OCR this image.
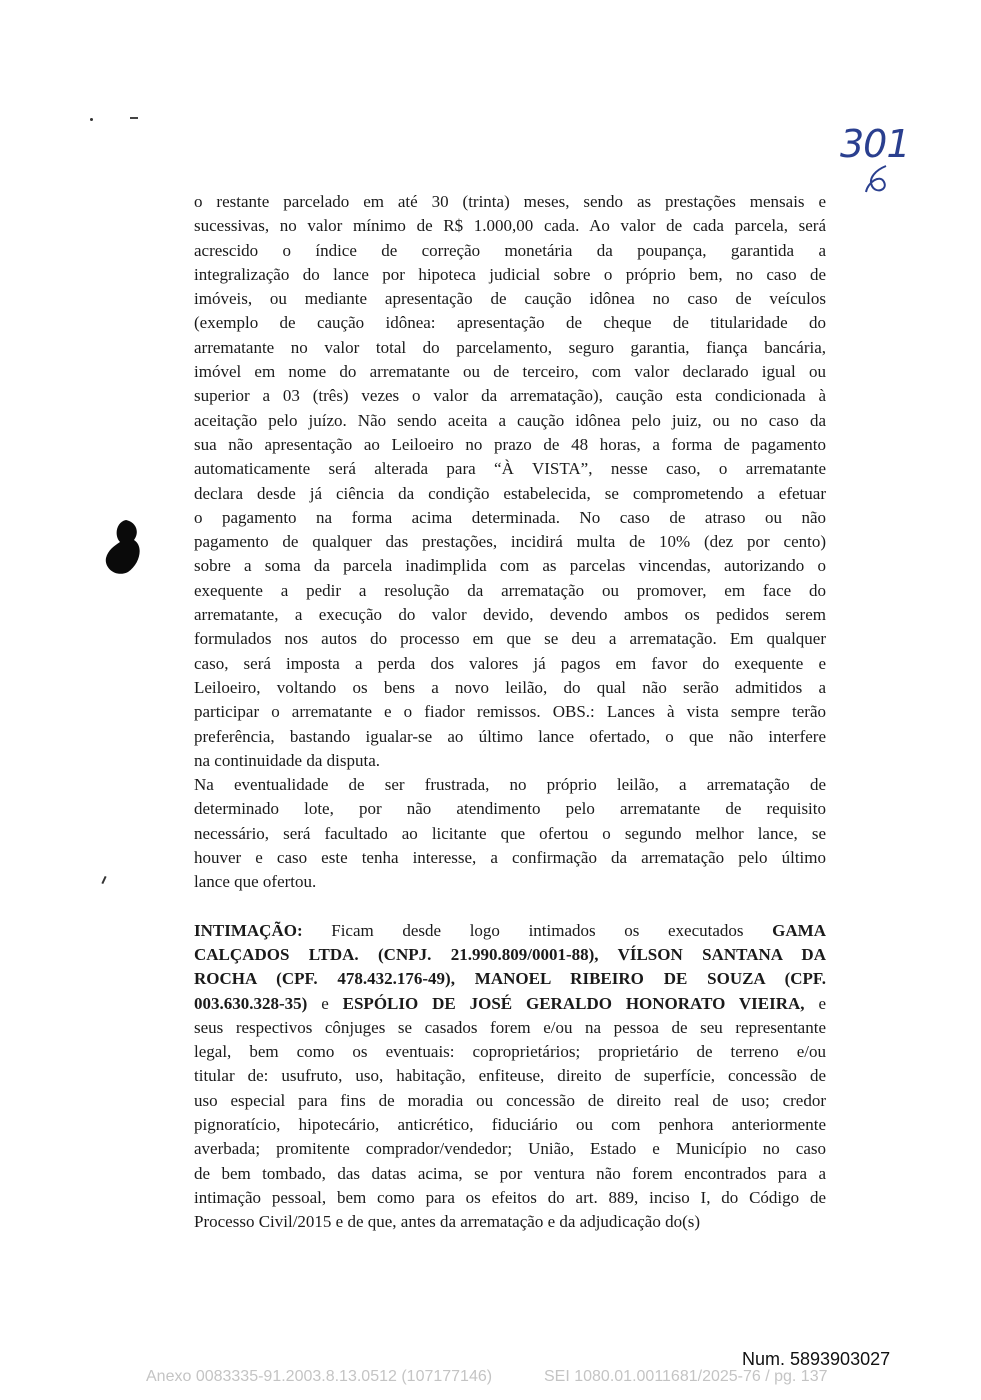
301

o restante parcelado em até 30 (trinta) meses, sendo as prestações mensais e
sucessivas, no valor mínimo de R$ 1.000,00 cada. Ao valor de cada parcela, será
acrescido o índice de correção monetária da poupança, garantida a
integralização do lance por hipoteca judicial sobre o próprio bem, no caso de
imóveis, ou mediante apresentação de caução idônea no caso de veículos
(exemplo de caução idônea: apresentação de cheque de titularidade do
arrematante no valor total do parcelamento, seguro garantia, fiança bancária,
imóvel em nome do arrematante ou de terceiro, com valor declarado igual ou
superior a 03 (três) vezes o valor da arrematação), caução esta condicionada à
aceitação pelo juízo. Não sendo aceita a caução idônea pelo juiz, ou no caso da
sua não apresentação ao Leiloeiro no prazo de 48 horas, a forma de pagamento
automaticamente será alterada para “À VISTA”, nesse caso, o arrematante
declara desde já ciência da condição estabelecida, se comprometendo a efetuar
o pagamento na forma acima determinada. No caso de atraso ou não
pagamento de qualquer das prestações, incidirá multa de 10% (dez por cento)
sobre a soma da parcela inadimplida com as parcelas vincendas, autorizando o
exequente a pedir a resolução da arrematação ou promover, em face do
arrematante, a execução do valor devido, devendo ambos os pedidos serem
formulados nos autos do processo em que se deu a arrematação. Em qualquer
caso, será imposta a perda dos valores já pagos em favor do exequente e
Leiloeiro, voltando os bens a novo leilão, do qual não serão admitidos a
participar o arrematante e o fiador remissos. OBS.: Lances à vista sempre terão
preferência, bastando igualar-se ao último lance ofertado, o que não interfere
na continuidade da disputa.

Na eventualidade de ser frustrada, no próprio leilão, a arrematação de
determinado lote, por não atendimento pelo arrematante de requisito
necessário, será facultado ao licitante que ofertou o segundo melhor lance, se
houver e caso este tenha interesse, a confirmação da arrematação pelo último
lance que ofertou.

INTIMAÇÃO: Ficam desde logo intimados os executados GAMA
CALÇADOS LTDA. (CNPJ. 21.990.809/0001-88), VÍLSON SANTANA DA
ROCHA (CPF. 478.432.176-49), MANOEL RIBEIRO DE SOUZA (CPF.
003.630.328-35) e ESPÓLIO DE JOSÉ GERALDO HONORATO VIEIRA, e
seus respectivos cônjuges se casados forem e/ou na pessoa de seu representante
legal, bem como os eventuais: coproprietários; proprietário de terreno e/ou
titular de: usufruto, uso, habitação, enfiteuse, direito de superfície, concessão de
uso especial para fins de moradia ou concessão de direito real de uso; credor
pignoratício, hipotecário, anticrético, fiduciário ou com penhora anteriormente
averbada; promitente comprador/vendedor; União, Estado e Município no caso
de bem tombado, das datas acima, se por ventura não forem encontrados para a
intimação pessoal, bem como para os efeitos do art. 889, inciso I, do Código de
Processo Civil/2015 e de que, antes da arrematação e da adjudicação do(s)

Num. 5893903027
Anexo 0083335-91.2003.8.13.0512 (107177146)	SEI 1080.01.0011681/2025-76 / pg. 137
